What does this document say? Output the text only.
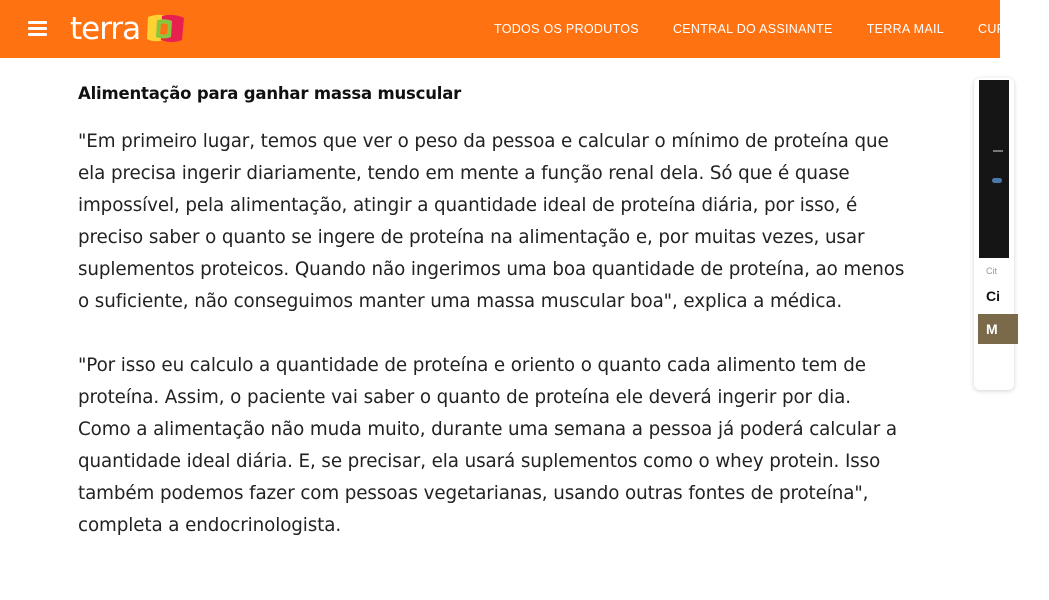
terra	TODOS OS PRODUTOS	CENTRAL DO ASSINANTE	TERRA MAIL	CURS
Alimentação para ganhar massa muscular

"Em primeiro lugar, temos que ver o peso da pessoa e calcular o mínimo de proteína que ela precisa ingerir diariamente, tendo em mente a função renal dela. Só que é quase impossível, pela alimentação, atingir a quantidade ideal de proteína diária, por isso, é preciso saber o quanto se ingere de proteína na alimentação e, por muitas vezes, usar suplementos proteicos. Quando não ingerimos uma boa quantidade de proteína, ao menos o suficiente, não conseguimos manter uma massa muscular boa", explica a médica.

"Por isso eu calculo a quantidade de proteína e oriento o quanto cada alimento tem de proteína. Assim, o paciente vai saber o quanto de proteína ele deverá ingerir por dia. Como a alimentação não muda muito, durante uma semana a pessoa já poderá calcular a quantidade ideal diária. E, se precisar, ela usará suplementos como o whey protein. Isso também podemos fazer com pessoas vegetarianas, usando outras fontes de proteína", completa a endocrinologista.

Cit
Ci
M
